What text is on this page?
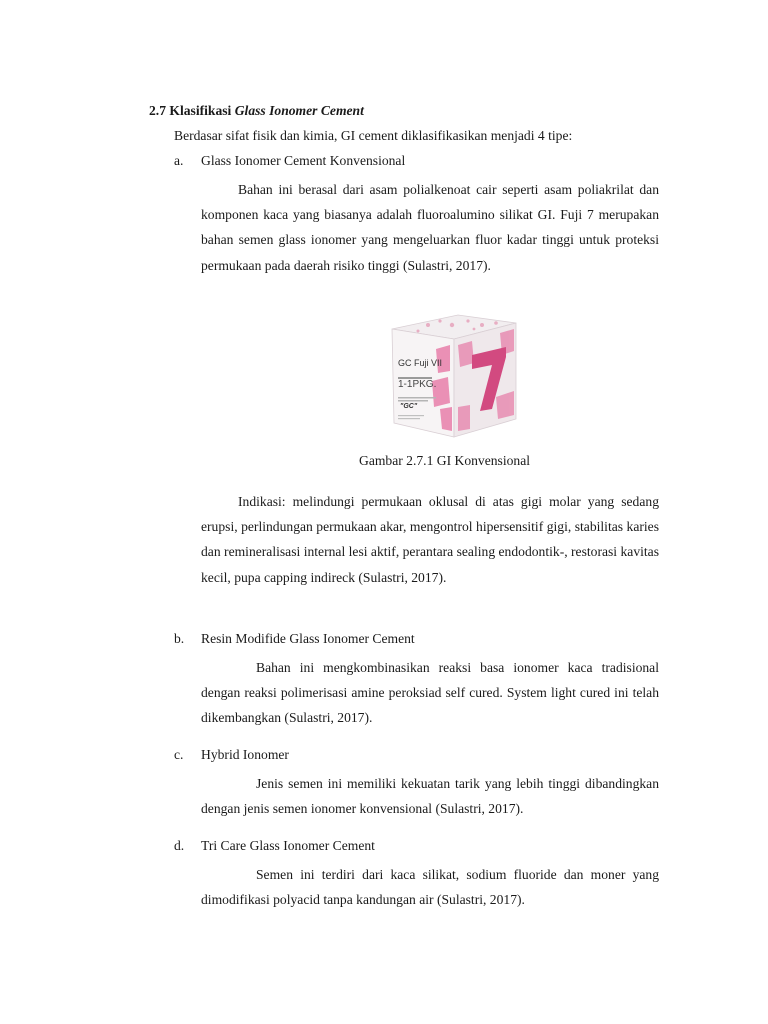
2.7 Klasifikasi Glass Ionomer Cement
Berdasar sifat fisik dan kimia, GI cement diklasifikasikan menjadi 4 tipe:
a. Glass Ionomer Cement Konvensional
Bahan ini berasal dari asam polialkenoat cair seperti asam poliakrilat dan komponen kaca yang biasanya adalah fluoroalumino silikat GI. Fuji 7 merupakan bahan semen glass ionomer yang mengeluarkan fluor kadar tinggi untuk proteksi permukaan pada daerah risiko tinggi (Sulastri, 2017).
GC Fuji VII
1-1PKG.
"GC"
Gambar 2.7.1 GI Konvensional
Indikasi: melindungi permukaan oklusal di atas gigi molar yang sedang erupsi, perlindungan permukaan akar, mengontrol hipersensitif gigi, stabilitas karies dan remineralisasi internal lesi aktif, perantara sealing endodontik-, restorasi kavitas kecil, pupa capping indireck (Sulastri, 2017).
b. Resin Modifide Glass Ionomer Cement
Bahan ini mengkombinasikan reaksi basa ionomer kaca tradisional dengan reaksi polimerisasi amine peroksiad self cured. System light cured ini telah dikembangkan (Sulastri, 2017).
c. Hybrid Ionomer
Jenis semen ini memiliki kekuatan tarik yang lebih tinggi dibandingkan dengan jenis semen ionomer konvensional (Sulastri, 2017).
d. Tri Care Glass Ionomer Cement
Semen ini terdiri dari kaca silikat, sodium fluoride dan moner yang dimodifikasi polyacid tanpa kandungan air (Sulastri, 2017).
